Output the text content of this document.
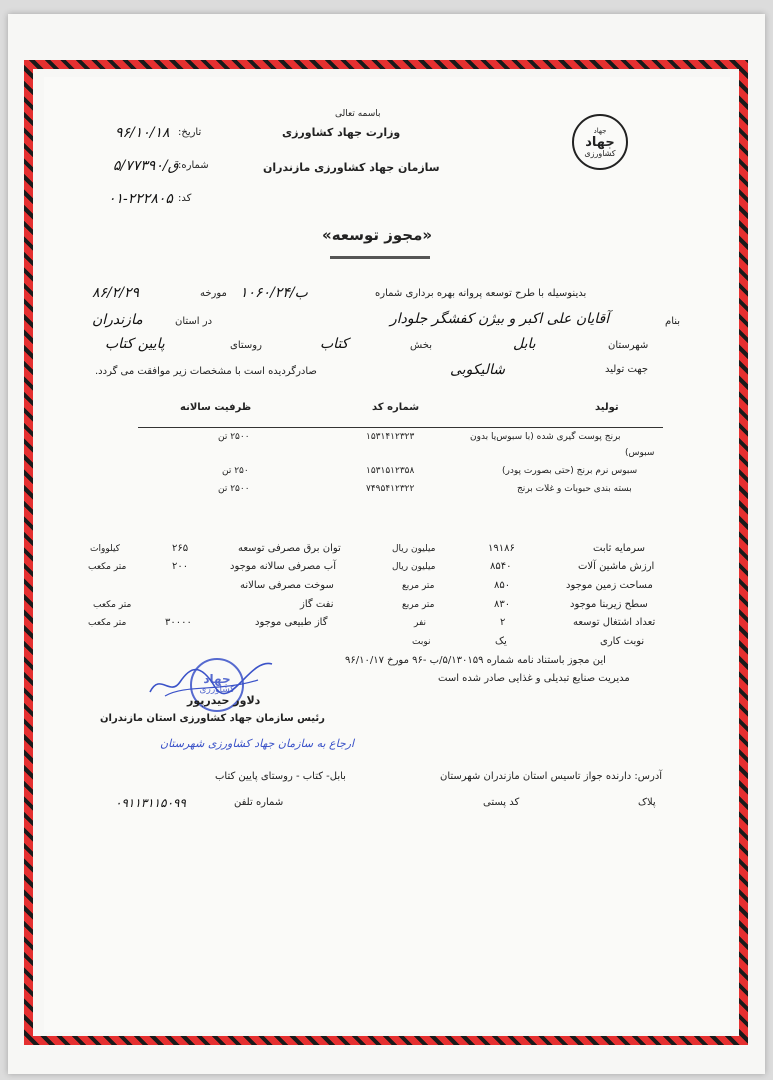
باسمه تعالی
وزارت جهاد کشاورزی
سازمان جهاد کشاورزی مازندران
جهاد
جهاد
کشاورزی
تاریخ:
۹۶/۱۰/۱۸
شماره:
۵/۷۷۳۹۰/ق
کد:
۰۱-۲۲۲۸۰۵
«مجوز توسعه»
بدینوسیله با طرح توسعه پروانه بهره برداری شماره
۱۰۶۰/۲۴/ب
مورخه
۸۶/۲/۲۹
بنام
آقایان علی اکبر و بیژن کفشگر جلودار
در استان
مازندران
شهرستان
بابل
بخش
کتاب
روستای
پایین کتاب
جهت تولید
شالیکوبی
صادرگردیده است با مشخصات زیر موافقت می گردد.
تولید
شماره کد
ظرفیت سالانه
برنج پوست گیری شده (با سبوس‌یا بدون
۱۵۳۱۴۱۲۳۲۳
۲۵۰۰ تن
سبوس)
سبوس نرم برنج (حتی بصورت پودر)
۱۵۳۱۵۱۲۳۵۸
۲۵۰ تن
بسته بندی حبوبات و غلات برنج
۷۴۹۵۴۱۲۳۲۲
۲۵۰۰ تن
سرمایه ثابت
۱۹۱۸۶
میلیون ریال
ارزش ماشین آلات
۸۵۴۰
میلیون ریال
مساحت زمین موجود
۸۵۰
متر مربع
سطح زیربنا موجود
۸۳۰
متر مربع
تعداد اشتغال توسعه
۲
نفر
نوبت کاری
یک
نوبت
توان برق مصرفی توسعه
۲۶۵
کیلووات
آب مصرفی سالانه موجود
۲۰۰
متر مکعب
سوخت مصرفی سالانه
نفت گاز
متر مکعب
گاز طبیعی موجود
۳۰۰۰۰
متر مکعب
این مجوز باستناد نامه شماره ۵/۱۳۰۱۵۹/ب -۹۶ مورخ ۹۶/۱۰/۱۷
مدیریت صنایع تبدیلی و غذایی صادر شده است
جهاد
کشاورزی
دلاور حیدرپور
رئیس سازمان جهاد کشاورزی استان مازندران
ارجاع به سازمان جهاد کشاورزی شهرستان
آدرس: دارنده جواز تاسیس استان مازندران شهرستان
بابل- کتاب - روستای پایین کتاب
پلاک
کد پستی
شماره تلفن
۰۹۱۱۳۱۱۵۰۹۹
